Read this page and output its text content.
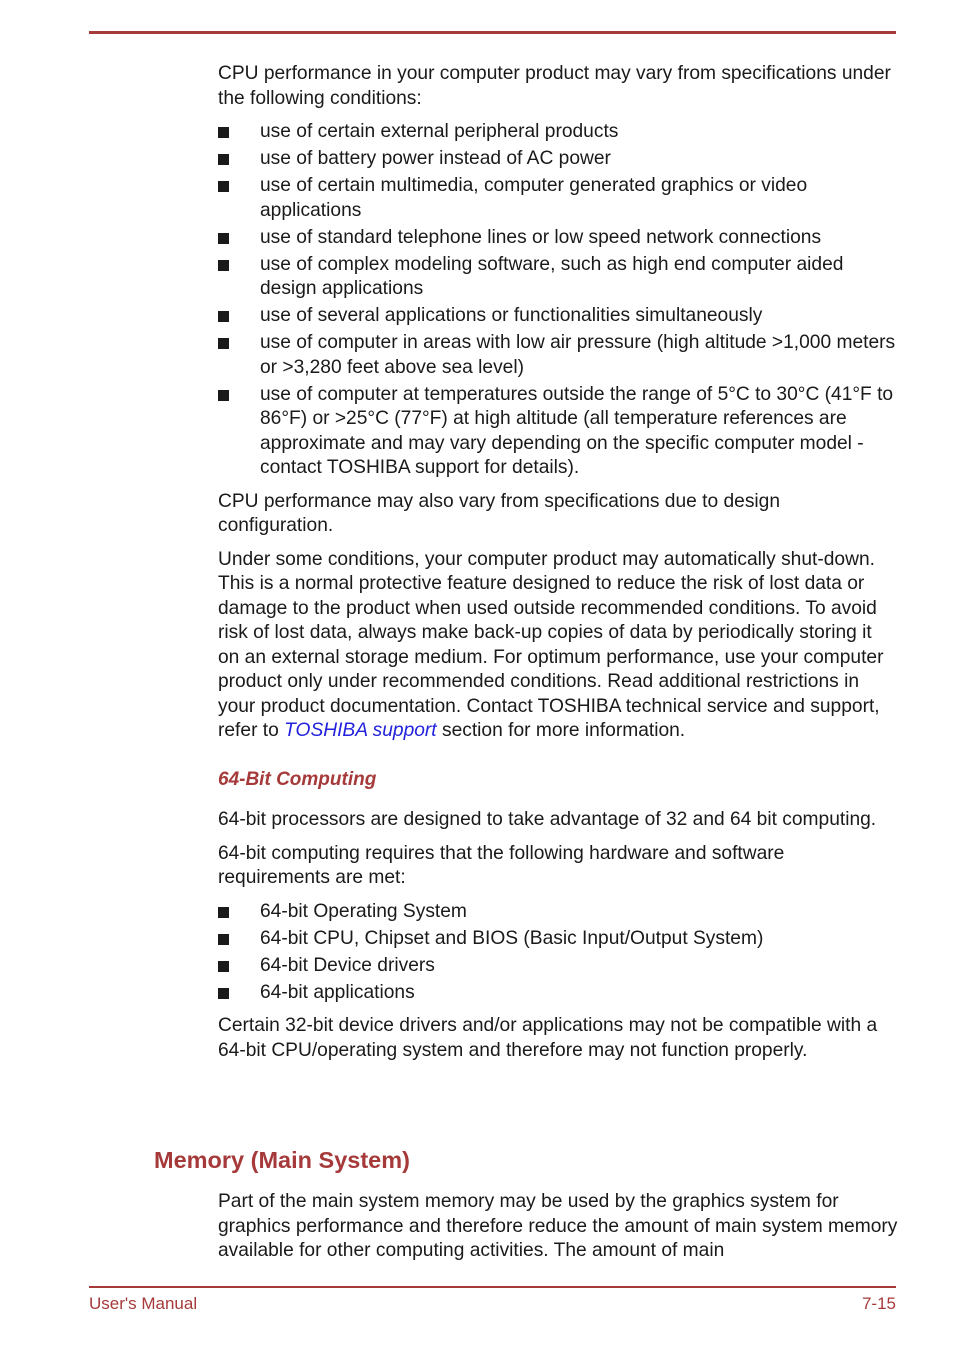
CPU performance in your computer product may vary from specifications under the following conditions:

use of certain external peripheral products
use of battery power instead of AC power
use of certain multimedia, computer generated graphics or video applications
use of standard telephone lines or low speed network connections
use of complex modeling software, such as high end computer aided design applications
use of several applications or functionalities simultaneously
use of computer in areas with low air pressure (high altitude >1,000 meters or >3,280 feet above sea level)
use of computer at temperatures outside the range of 5°C to 30°C (41°F to 86°F) or >25°C (77°F) at high altitude (all temperature references are approximate and may vary depending on the specific computer model - contact TOSHIBA support for details).

CPU performance may also vary from specifications due to design configuration.

Under some conditions, your computer product may automatically shut-down. This is a normal protective feature designed to reduce the risk of lost data or damage to the product when used outside recommended conditions. To avoid risk of lost data, always make back-up copies of data by periodically storing it on an external storage medium. For optimum performance, use your computer product only under recommended conditions. Read additional restrictions in your product documentation. Contact TOSHIBA technical service and support, refer to TOSHIBA support section for more information.

64-Bit Computing

64-bit processors are designed to take advantage of 32 and 64 bit computing.

64-bit computing requires that the following hardware and software requirements are met:

64-bit Operating System
64-bit CPU, Chipset and BIOS (Basic Input/Output System)
64-bit Device drivers
64-bit applications

Certain 32-bit device drivers and/or applications may not be compatible with a 64-bit CPU/operating system and therefore may not function properly.

Memory (Main System)

Part of the main system memory may be used by the graphics system for graphics performance and therefore reduce the amount of main system memory available for other computing activities. The amount of main

User's Manual	7-15
